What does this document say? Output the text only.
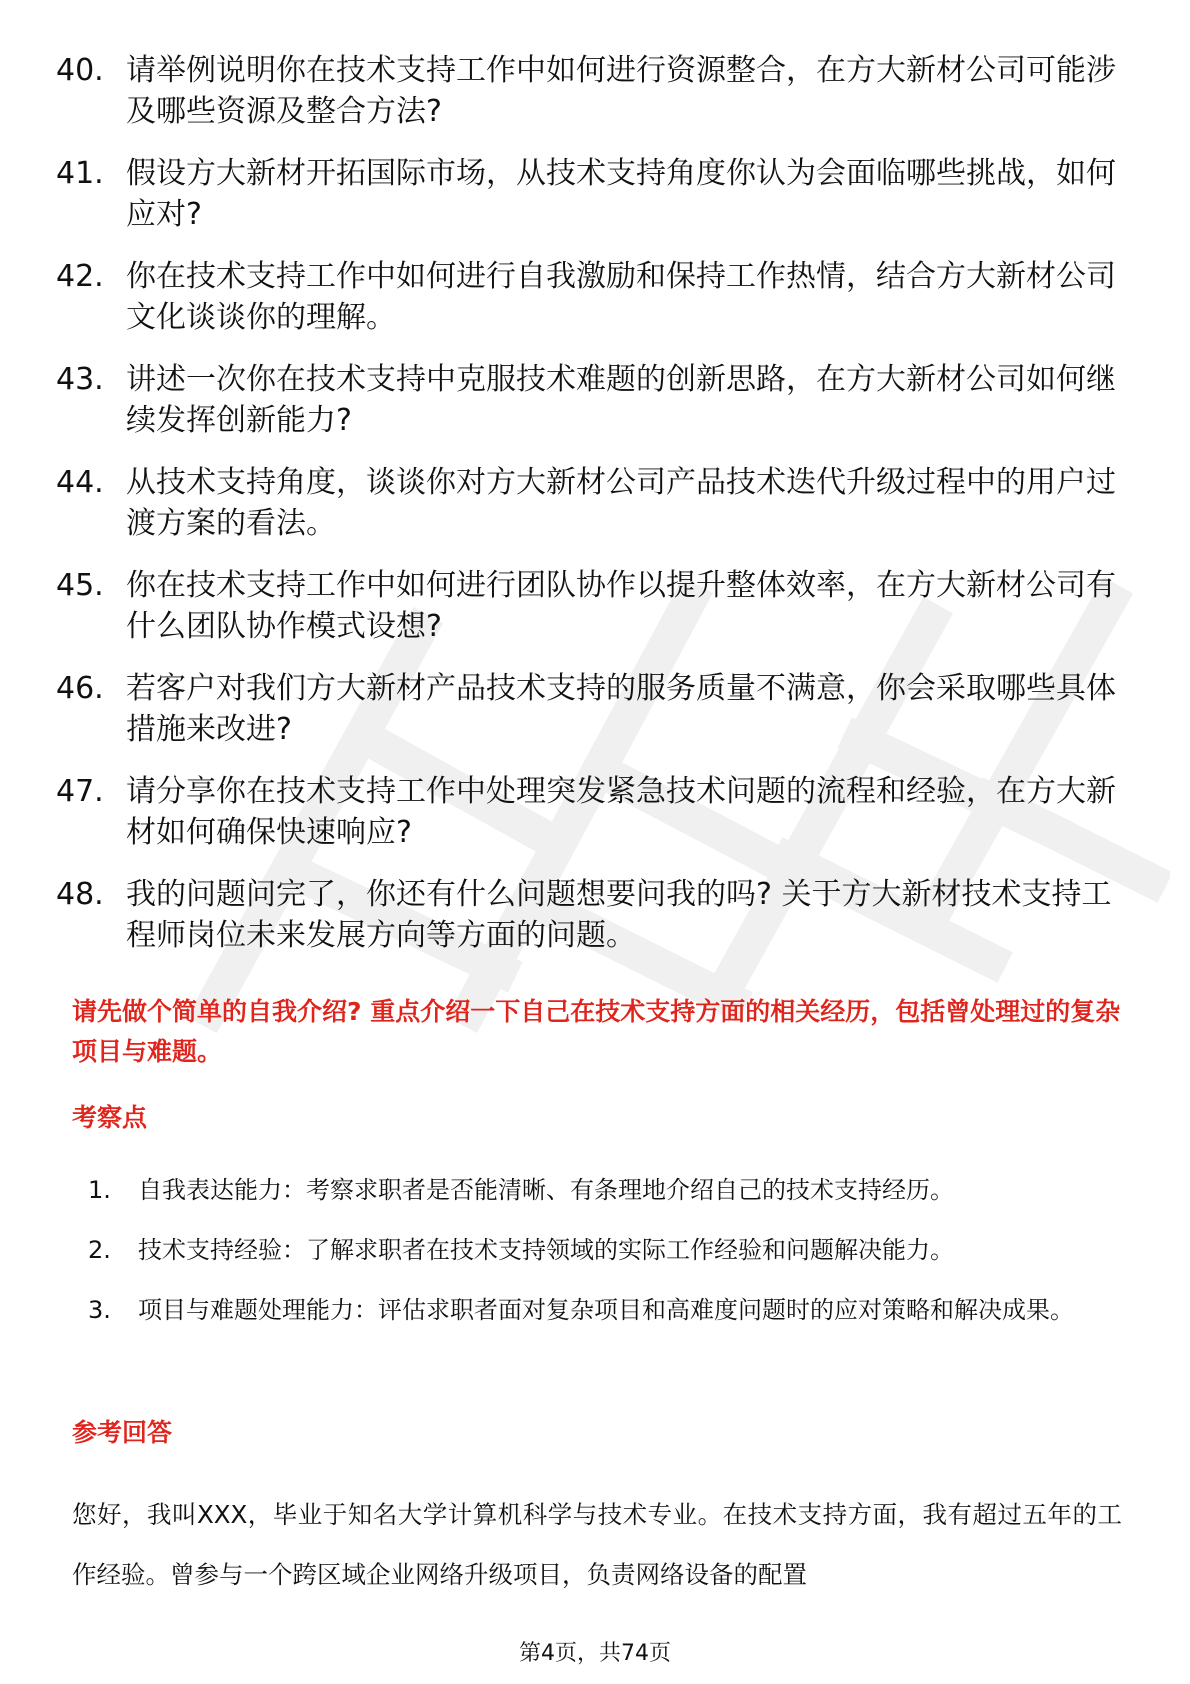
40. 请举例说明你在技术支持工作中如何进行资源整合，在方大新材公司可能涉及哪些资源及整合方法?
41. 假设方大新材开拓国际市场，从技术支持角度你认为会面临哪些挑战，如何应对?
42. 你在技术支持工作中如何进行自我激励和保持工作热情，结合方大新材公司文化谈谈你的理解。
43. 讲述一次你在技术支持中克服技术难题的创新思路，在方大新材公司如何继续发挥创新能力?
44. 从技术支持角度，谈谈你对方大新材公司产品技术迭代升级过程中的用户过渡方案的看法。
45. 你在技术支持工作中如何进行团队协作以提升整体效率，在方大新材公司有什么团队协作模式设想?
46. 若客户对我们方大新材产品技术支持的服务质量不满意，你会采取哪些具体措施来改进?
47. 请分享你在技术支持工作中处理突发紧急技术问题的流程和经验，在方大新材如何确保快速响应?
48. 我的问题问完了，你还有什么问题想要问我的吗? 关于方大新材技术支持工程师岗位未来发展方向等方面的问题。
请先做个简单的自我介绍? 重点介绍一下自己在技术支持方面的相关经历，包括曾处理过的复杂项目与难题。
考察点
1.	自我表达能力：考察求职者是否能清晰、有条理地介绍自己的技术支持经历。
2.	技术支持经验：了解求职者在技术支持领域的实际工作经验和问题解决能力。
3.	项目与难题处理能力：评估求职者面对复杂项目和高难度问题时的应对策略和解决成果。
参考回答
您好，我叫XXX，毕业于知名大学计算机科学与技术专业。在技术支持方面，我有超过五年的工作经验。曾参与一个跨区域企业网络升级项目，负责网络设备的配置
第4页，共74页
